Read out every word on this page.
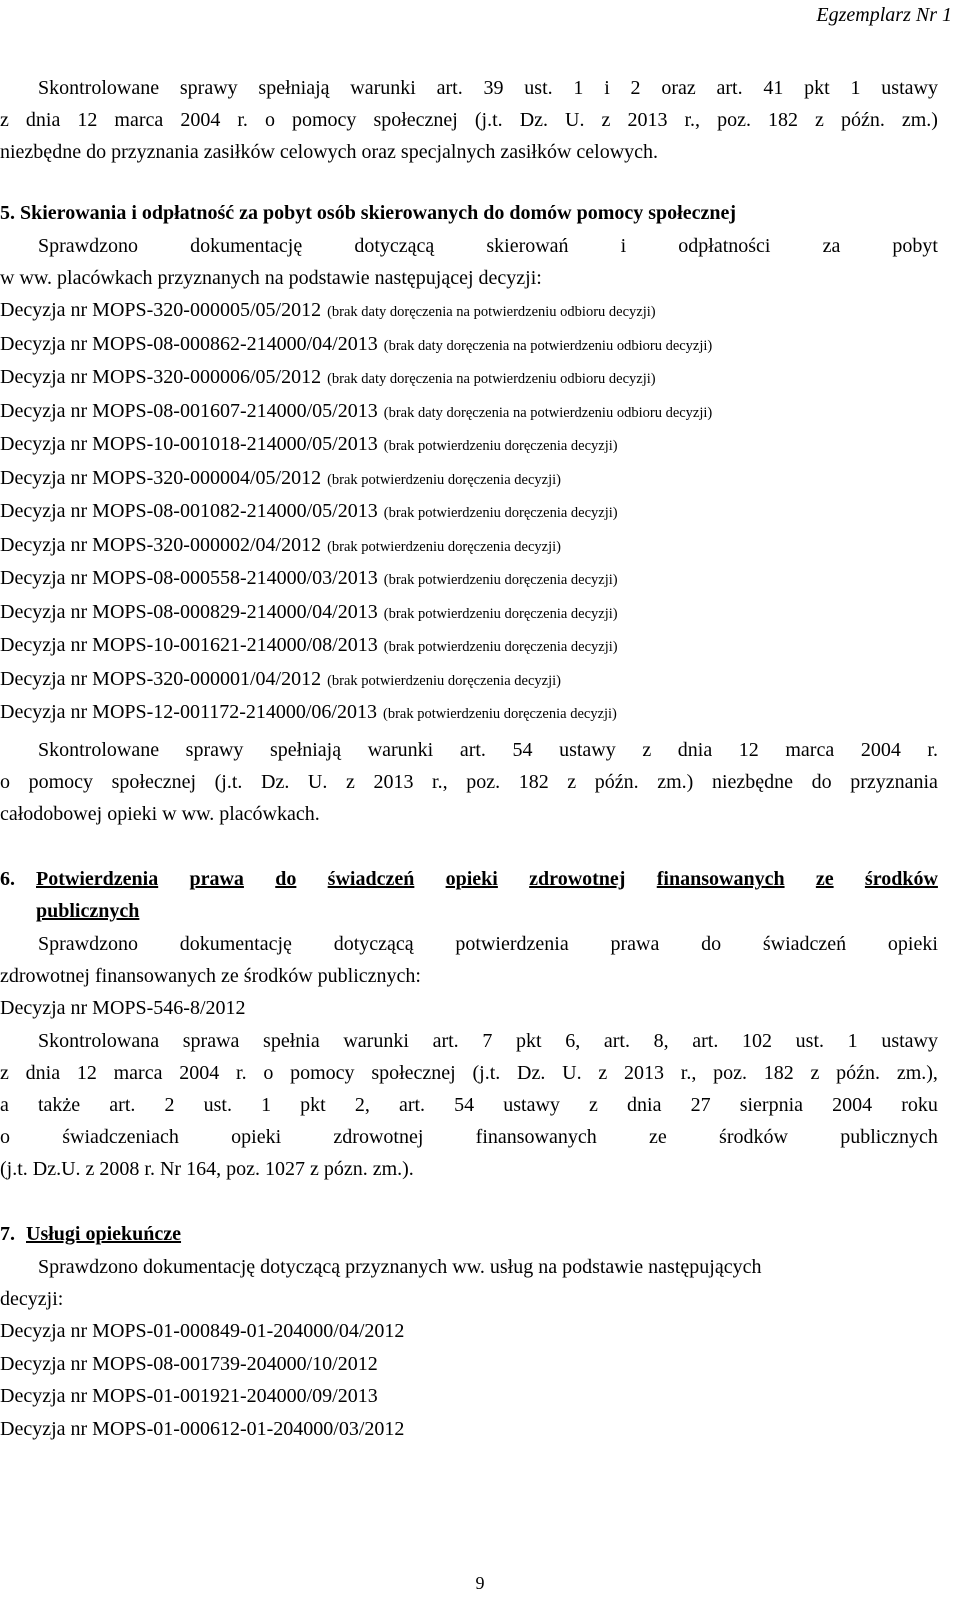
Egzemplarz Nr 1
Skontrolowane sprawy spełniają warunki art. 39 ust. 1 i 2 oraz art. 41 pkt 1 ustawy
z dnia 12 marca 2004 r. o pomocy społecznej (j.t. Dz. U. z 2013 r., poz. 182 z późn. zm.)
niezbędne do przyznania zasiłków celowych oraz specjalnych zasiłków celowych.
5. Skierowania i odpłatność za pobyt osób skierowanych do domów pomocy społecznej
Sprawdzono	dokumentację	dotyczącą	skierowań	i	odpłatności	za	pobyt
w ww. placówkach przyznanych na podstawie następującej decyzji:
Decyzja nr MOPS-320-000005/05/2012 (brak daty doręczenia na potwierdzeniu odbioru decyzji)
Decyzja nr MOPS-08-000862-214000/04/2013 (brak daty doręczenia na potwierdzeniu odbioru decyzji)
Decyzja nr MOPS-320-000006/05/2012 (brak daty doręczenia na potwierdzeniu odbioru decyzji)
Decyzja nr MOPS-08-001607-214000/05/2013 (brak daty doręczenia na potwierdzeniu odbioru decyzji)
Decyzja nr MOPS-10-001018-214000/05/2013 (brak potwierdzeniu doręczenia decyzji)
Decyzja nr MOPS-320-000004/05/2012 (brak potwierdzeniu doręczenia decyzji)
Decyzja nr MOPS-08-001082-214000/05/2013 (brak potwierdzeniu doręczenia decyzji)
Decyzja nr MOPS-320-000002/04/2012 (brak potwierdzeniu doręczenia decyzji)
Decyzja nr MOPS-08-000558-214000/03/2013 (brak potwierdzeniu doręczenia decyzji)
Decyzja nr MOPS-08-000829-214000/04/2013 (brak potwierdzeniu doręczenia decyzji)
Decyzja nr MOPS-10-001621-214000/08/2013 (brak potwierdzeniu doręczenia decyzji)
Decyzja nr MOPS-320-000001/04/2012 (brak potwierdzeniu doręczenia decyzji)
Decyzja nr MOPS-12-001172-214000/06/2013 (brak potwierdzeniu doręczenia decyzji)
Skontrolowane sprawy spełniają warunki art. 54 ustawy z dnia 12 marca 2004 r.
o pomocy społecznej (j.t. Dz. U. z 2013 r., poz. 182 z późn. zm.) niezbędne do przyznania
całodobowej opieki w ww. placówkach.
6. Potwierdzenia prawa do świadczeń opieki zdrowotnej finansowanych ze środków
publicznych
Sprawdzono dokumentację dotyczącą potwierdzenia prawa do świadczeń opieki
zdrowotnej finansowanych ze środków publicznych:
Decyzja nr MOPS-546-8/2012
Skontrolowana sprawa spełnia warunki art. 7 pkt 6, art. 8, art. 102 ust. 1 ustawy
z dnia 12 marca 2004 r. o pomocy społecznej (j.t. Dz. U. z 2013 r., poz. 182 z późn. zm.),
a także art. 2 ust. 1 pkt 2, art. 54 ustawy z dnia 27 sierpnia 2004 roku
o	świadczeniach	opieki	zdrowotnej	finansowanych	ze	środków	publicznych
(j.t. Dz.U. z 2008 r. Nr 164, poz. 1027 z pózn. zm.).
7. Usługi opiekuńcze
Sprawdzono dokumentację dotyczącą przyznanych ww. usług na podstawie następujących
decyzji:
Decyzja nr MOPS-01-000849-01-204000/04/2012
Decyzja nr MOPS-08-001739-204000/10/2012
Decyzja nr MOPS-01-001921-204000/09/2013
Decyzja nr MOPS-01-000612-01-204000/03/2012
9
